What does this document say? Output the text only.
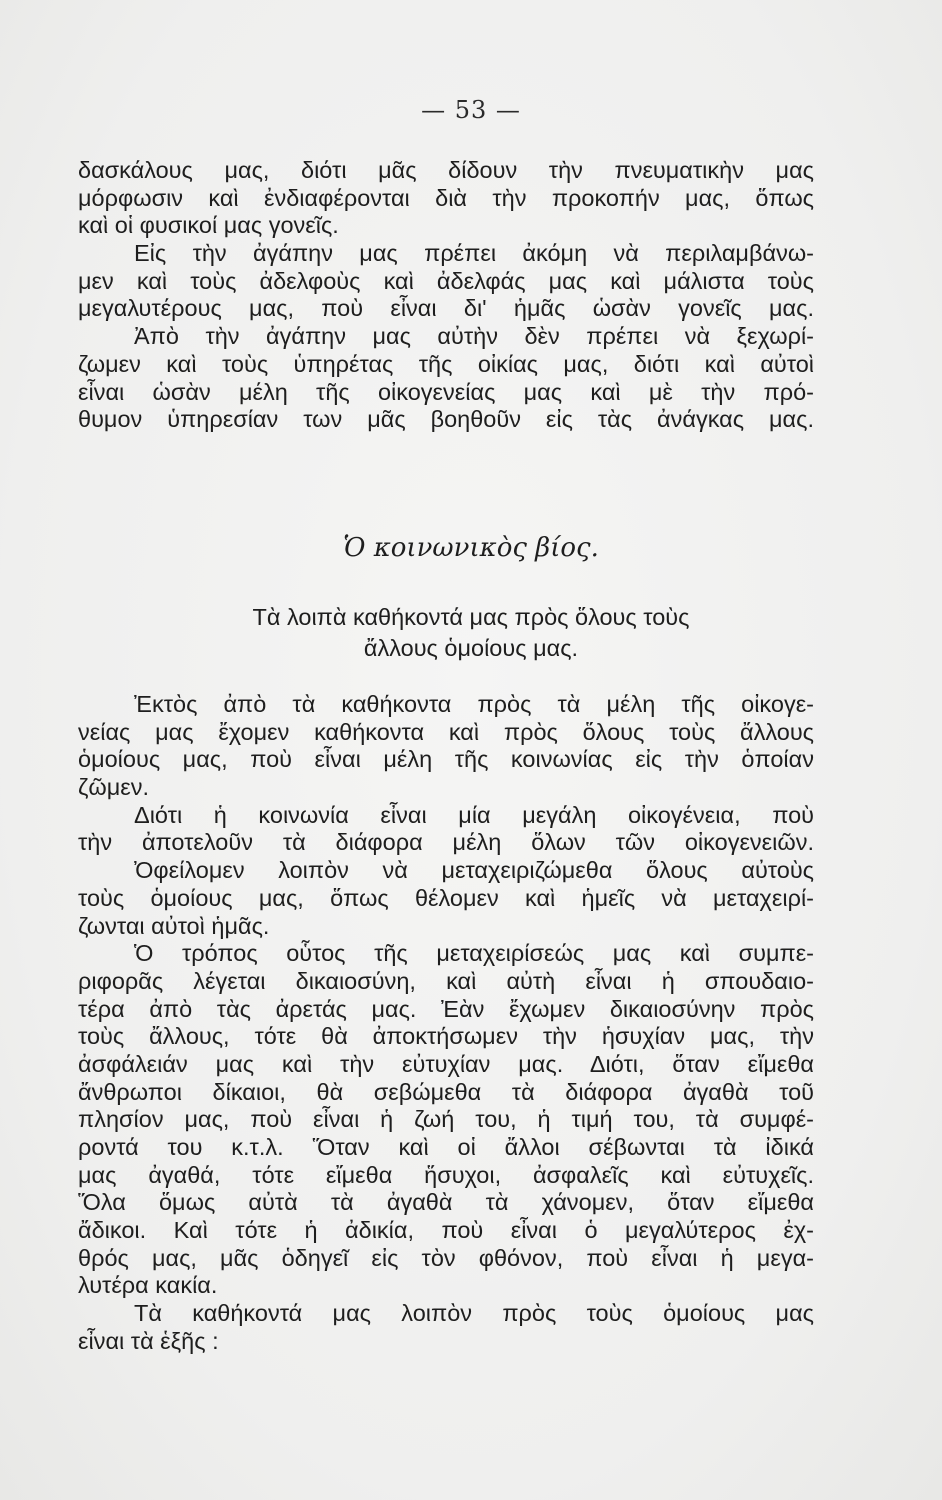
— 53 —
δασκάλους μας, διότι μᾶς δίδουν τὴν πνευματικὴν μας
μόρφωσιν καὶ ἐνδιαφέρονται διὰ τὴν προκοπήν μας, ὅπως
καὶ οἱ φυσικοί μας γονεῖς.
Εἰς τὴν ἀγάπην μας πρέπει ἀκόμη νὰ περιλαμβάνω-
μεν καὶ τοὺς ἀδελφοὺς καὶ ἀδελφάς μας καὶ μάλιστα τοὺς
μεγαλυτέρους μας, ποὺ εἶναι δι' ἡμᾶς ὡσὰν γονεῖς μας.
Ἀπὸ τὴν ἀγάπην μας αὐτὴν δὲν πρέπει νὰ ξεχωρί-
ζωμεν καὶ τοὺς ὑπηρέτας τῆς οἰκίας μας, διότι καὶ αὐτοὶ
εἶναι ὡσὰν μέλη τῆς οἰκογενείας μας καὶ μὲ τὴν πρό-
θυμον ὑπηρεσίαν των μᾶς βοηθοῦν εἰς τὰς ἀνάγκας μας.
Ὁ κοινωνικὸς βίος.
Τὰ λοιπὰ καθήκοντά μας πρὸς ὅλους τοὺς
ἄλλους ὁμοίους μας.
Ἐκτὸς ἀπὸ τὰ καθήκοντα πρὸς τὰ μέλη τῆς οἰκογε-
νείας μας ἔχομεν καθήκοντα καὶ πρὸς ὅλους τοὺς ἄλλους
ὁμοίους μας, ποὺ εἶναι μέλη τῆς κοινωνίας εἰς τὴν ὁποίαν
ζῶμεν.
Διότι ἡ κοινωνία εἶναι μία μεγάλη οἰκογένεια, ποὺ
τὴν ἀποτελοῦν τὰ διάφορα μέλη ὅλων τῶν οἰκογενειῶν.
Ὀφείλομεν λοιπὸν νὰ μεταχειριζώμεθα ὅλους αὐτοὺς
τοὺς ὁμοίους μας, ὅπως θέλομεν καὶ ἡμεῖς νὰ μεταχειρί-
ζωνται αὐτοὶ ἡμᾶς.
Ὁ τρόπος οὗτος τῆς μεταχειρίσεώς μας καὶ συμπε-
ριφορᾶς λέγεται δικαιοσύνη, καὶ αὐτὴ εἶναι ἡ σπουδαιο-
τέρα ἀπὸ τὰς ἀρετάς μας. Ἐὰν ἔχωμεν δικαιοσύνην πρὸς
τοὺς ἄλλους, τότε θὰ ἀποκτήσωμεν τὴν ἡσυχίαν μας, τὴν
ἀσφάλειάν μας καὶ τὴν εὐτυχίαν μας. Διότι, ὅταν εἴμεθα
ἄνθρωποι δίκαιοι, θὰ σεβώμεθα τὰ διάφορα ἀγαθὰ τοῦ
πλησίον μας, ποὺ εἶναι ἡ ζωή του, ἡ τιμή του, τὰ συμφέ-
ροντά του κ.τ.λ. Ὅταν καὶ οἱ ἄλλοι σέβωνται τὰ ἰδικά
μας ἀγαθά, τότε εἴμεθα ἥσυχοι, ἀσφαλεῖς καὶ εὐτυχεῖς.
Ὅλα ὅμως αὐτὰ τὰ ἀγαθὰ τὰ χάνομεν, ὅταν εἴμεθα
ἄδικοι. Καὶ τότε ἡ ἀδικία, ποὺ εἶναι ὁ μεγαλύτερος ἐχ-
θρός μας, μᾶς ὁδηγεῖ εἰς τὸν φθόνον, ποὺ εἶναι ἡ μεγα-
λυτέρα κακία.
Τὰ καθήκοντά μας λοιπὸν πρὸς τοὺς ὁμοίους μας
εἶναι τὰ ἑξῆς :
